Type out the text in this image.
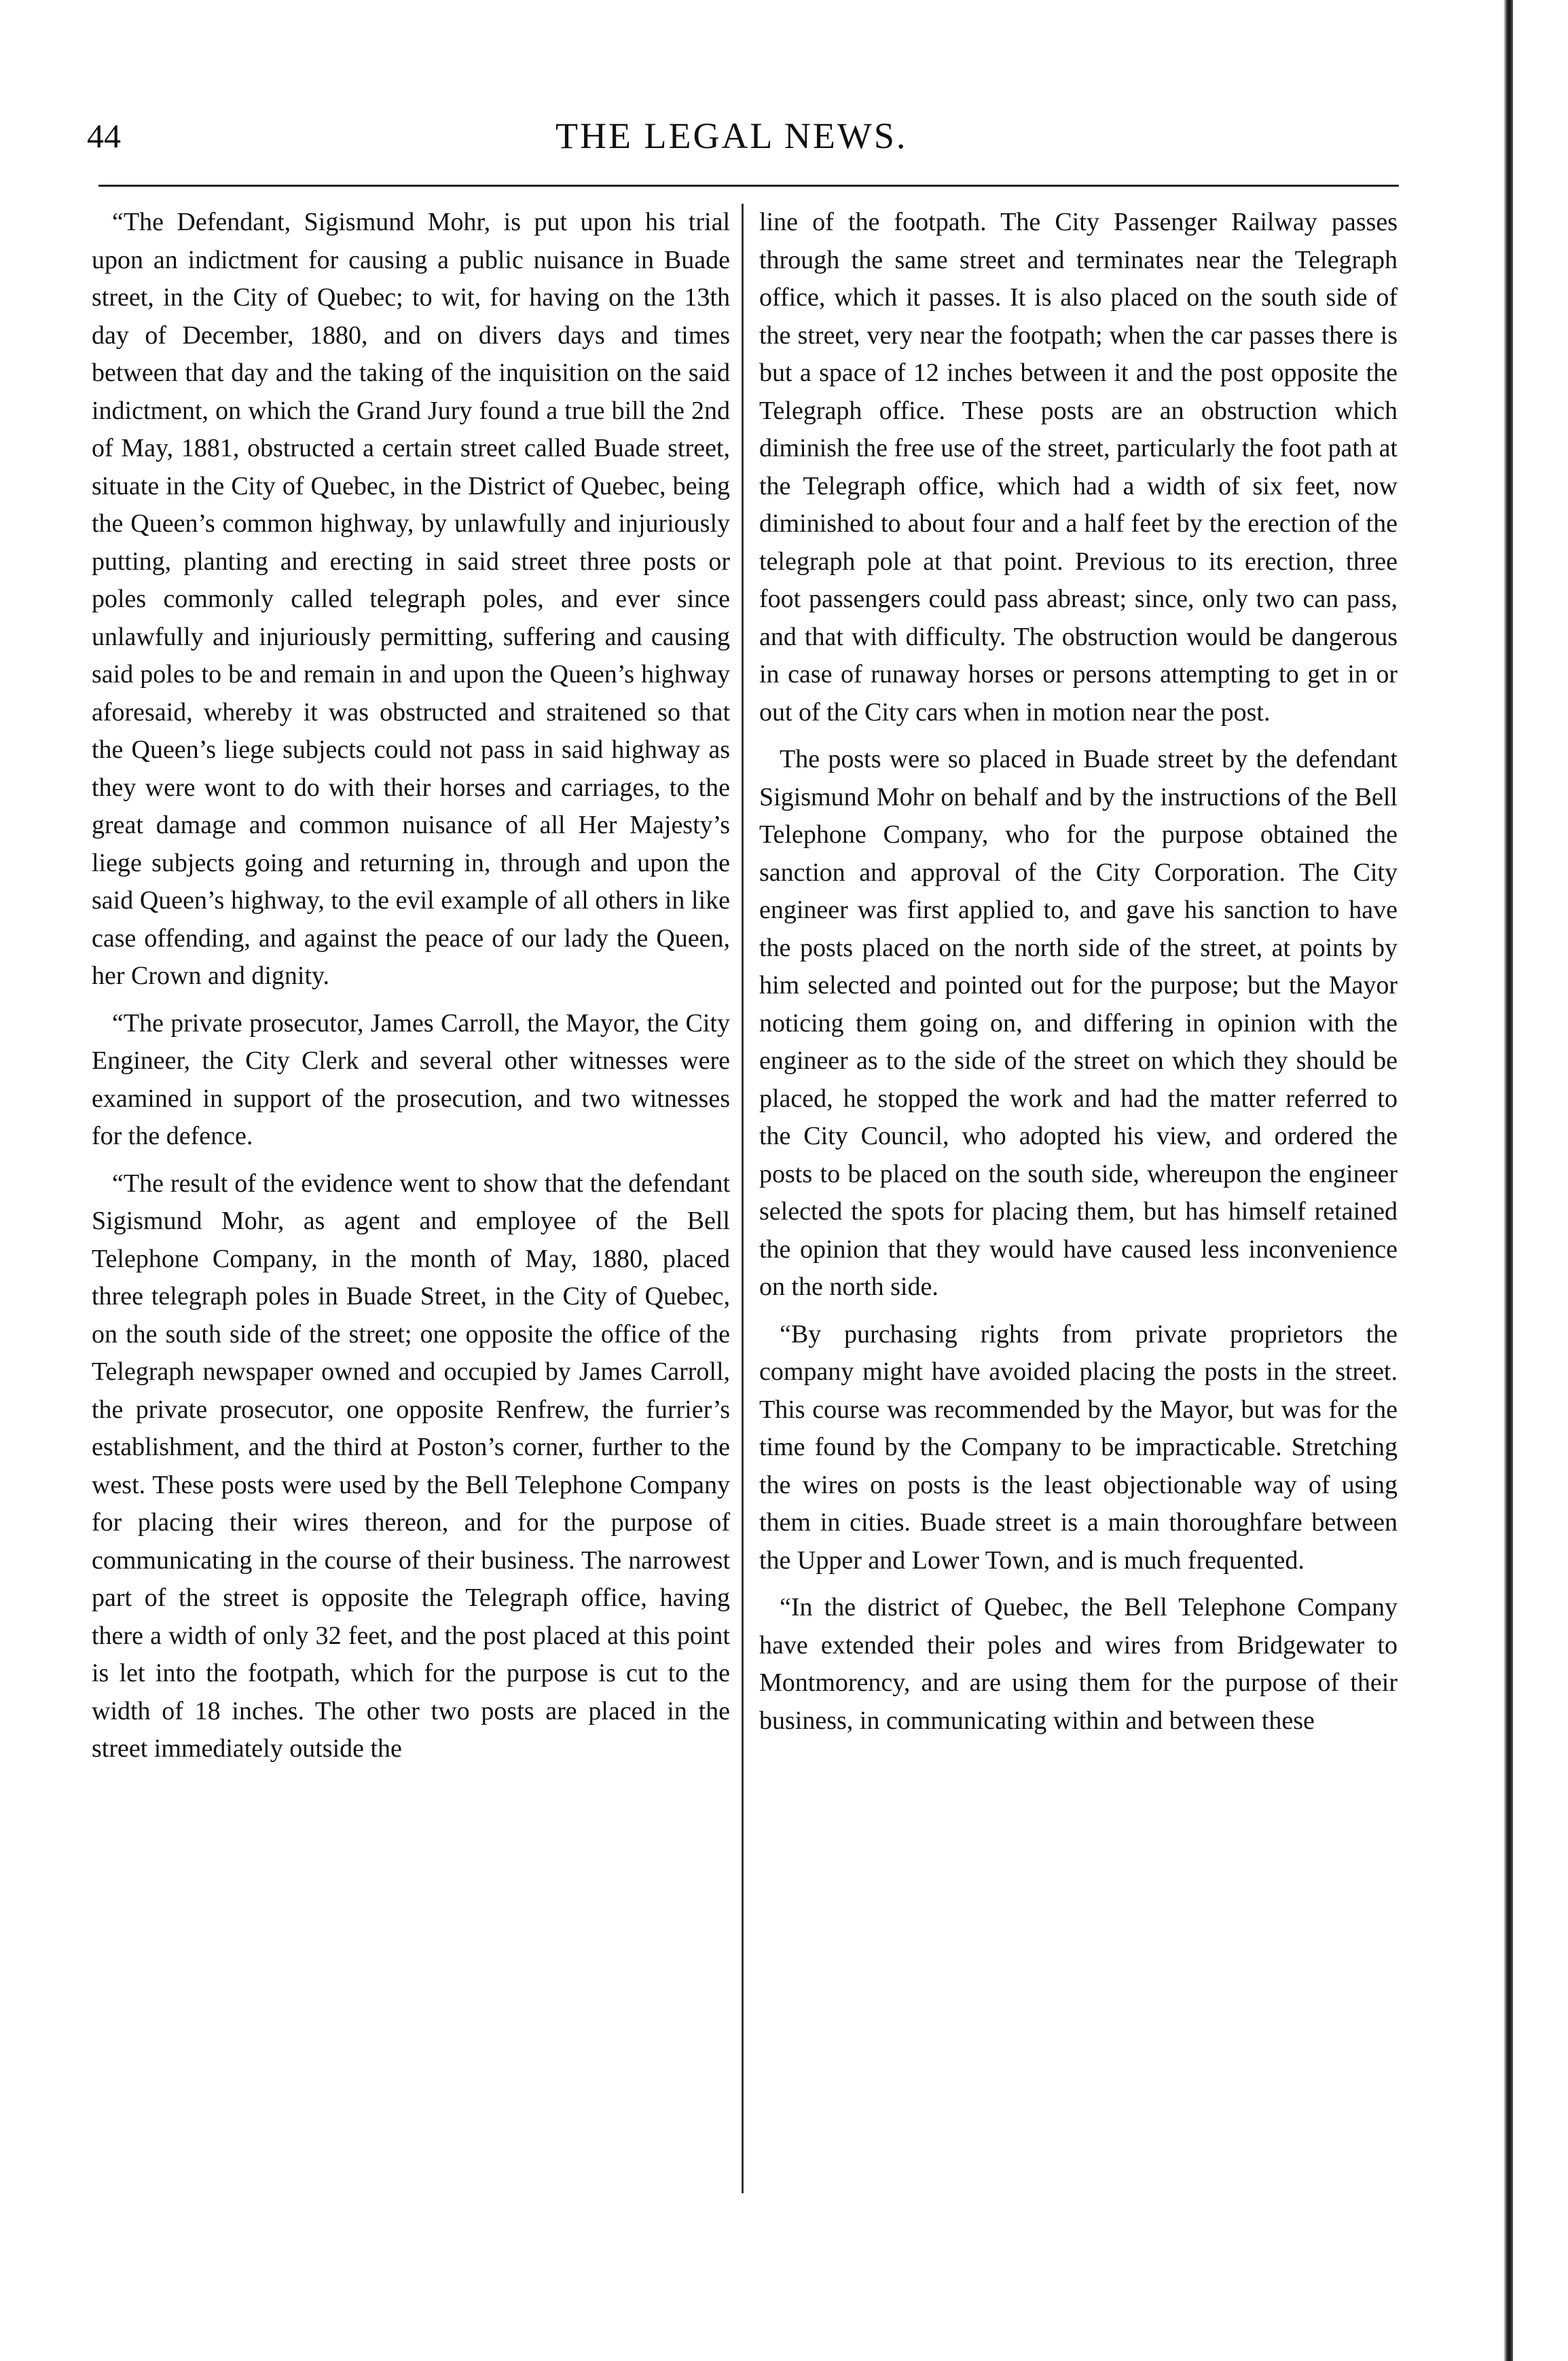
44	THE LEGAL NEWS.

“The Defendant, Sigismund Mohr, is put upon his trial upon an indictment for causing a public nuisance in Buade street, in the City of Quebec; to wit, for having on the 13th day of December, 1880, and on divers days and times between that day and the taking of the inquisition on the said indictment, on which the Grand Jury found a true bill the 2nd of May, 1881, obstructed a certain street called Buade street, situate in the City of Quebec, in the District of Quebec, being the Queen’s common highway, by unlawfully and injuriously putting, planting and erecting in said street three posts or poles commonly called telegraph poles, and ever since unlawfully and injuriously permitting, suffering and causing said poles to be and remain in and upon the Queen’s highway aforesaid, whereby it was obstructed and straitened so that the Queen’s liege subjects could not pass in said highway as they were wont to do with their horses and carriages, to the great damage and common nuisance of all Her Majesty’s liege subjects going and returning in, through and upon the said Queen’s highway, to the evil example of all others in like case offending, and against the peace of our lady the Queen, her Crown and dignity.

“The private prosecutor, James Carroll, the Mayor, the City Engineer, the City Clerk and several other witnesses were examined in support of the prosecution, and two witnesses for the defence.

“The result of the evidence went to show that the defendant Sigismund Mohr, as agent and employee of the Bell Telephone Company, in the month of May, 1880, placed three telegraph poles in Buade Street, in the City of Quebec, on the south side of the street; one opposite the office of the Telegraph newspaper owned and occupied by James Carroll, the private prosecutor, one opposite Renfrew, the furrier’s establishment, and the third at Poston’s corner, further to the west. These posts were used by the Bell Telephone Company for placing their wires thereon, and for the purpose of communicating in the course of their business. The narrowest part of the street is opposite the Telegraph office, having there a width of only 32 feet, and the post placed at this point is let into the footpath, which for the purpose is cut to the width of 18 inches. The other two posts are placed in the street immediately outside the

line of the footpath. The City Passenger Railway passes through the same street and terminates near the Telegraph office, which it passes. It is also placed on the south side of the street, very near the footpath; when the car passes there is but a space of 12 inches between it and the post opposite the Telegraph office. These posts are an obstruction which diminish the free use of the street, particularly the foot path at the Telegraph office, which had a width of six feet, now diminished to about four and a half feet by the erection of the telegraph pole at that point. Previous to its erection, three foot passengers could pass abreast; since, only two can pass, and that with difficulty. The obstruction would be dangerous in case of runaway horses or persons attempting to get in or out of the City cars when in motion near the post.

The posts were so placed in Buade street by the defendant Sigismund Mohr on behalf and by the instructions of the Bell Telephone Company, who for the purpose obtained the sanction and approval of the City Corporation. The City engineer was first applied to, and gave his sanction to have the posts placed on the north side of the street, at points by him selected and pointed out for the purpose; but the Mayor noticing them going on, and differing in opinion with the engineer as to the side of the street on which they should be placed, he stopped the work and had the matter referred to the City Council, who adopted his view, and ordered the posts to be placed on the south side, whereupon the engineer selected the spots for placing them, but has himself retained the opinion that they would have caused less inconvenience on the north side.

“By purchasing rights from private proprietors the company might have avoided placing the posts in the street. This course was recommended by the Mayor, but was for the time found by the Company to be impracticable. Stretching the wires on posts is the least objectionable way of using them in cities. Buade street is a main thoroughfare between the Upper and Lower Town, and is much frequented.

“In the district of Quebec, the Bell Telephone Company have extended their poles and wires from Bridgewater to Montmorency, and are using them for the purpose of their business, in communicating within and between these
